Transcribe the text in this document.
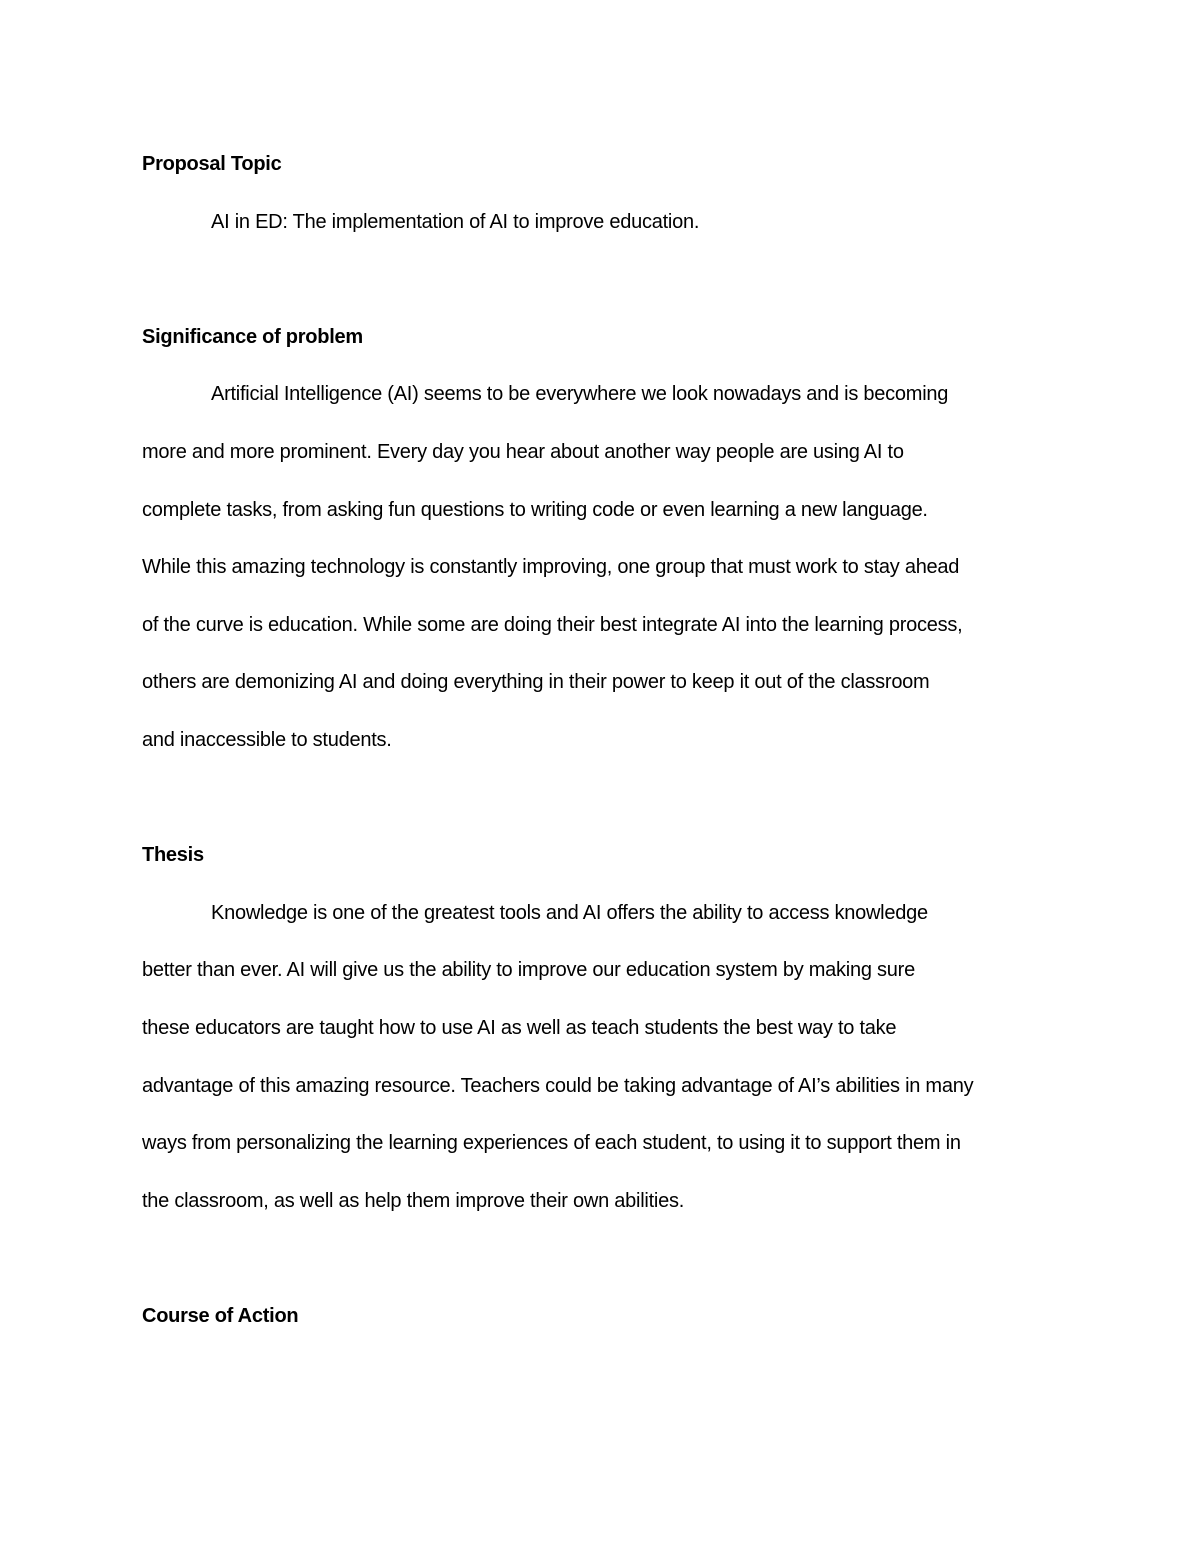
Proposal Topic
AI in ED: The implementation of AI to improve education.
Significance of problem
Artificial Intelligence (AI) seems to be everywhere we look nowadays and is becoming
more and more prominent. Every day you hear about another way people are using AI to
complete tasks, from asking fun questions to writing code or even learning a new language.
While this amazing technology is constantly improving, one group that must work to stay ahead
of the curve is education. While some are doing their best integrate AI into the learning process,
others are demonizing AI and doing everything in their power to keep it out of the classroom
and inaccessible to students.
Thesis
Knowledge is one of the greatest tools and AI offers the ability to access knowledge
better than ever. AI will give us the ability to improve our education system by making sure
these educators are taught how to use AI as well as teach students the best way to take
advantage of this amazing resource. Teachers could be taking advantage of AI’s abilities in many
ways from personalizing the learning experiences of each student, to using it to support them in
the classroom, as well as help them improve their own abilities.
Course of Action
